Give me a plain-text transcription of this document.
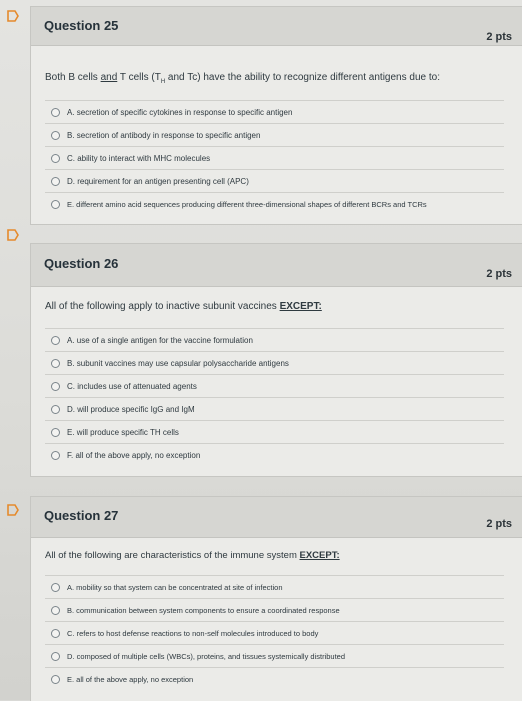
Question 25
2 pts

Both B cells and T cells ($T_H$ and Tc) have the ability to recognize different antigens due to:

A. secretion of specific cytokines in response to specific antigen
B. secretion of antibody in response to specific antigen
C. ability to interact with MHC molecules
D. requirement for an antigen presenting cell (APC)
E. different amino acid sequences producing different three-dimensional shapes of different BCRs and TCRs
Question 26
2 pts

All of the following apply to inactive subunit vaccines EXCEPT:

A. use of a single antigen for the vaccine formulation
B. subunit vaccines may use capsular polysaccharide antigens
C. includes use of attenuated agents
D. will produce specific IgG and IgM
E. will produce specific TH cells
F. all of the above apply, no exception
Question 27
2 pts

All of the following are characteristics of the immune system EXCEPT:

A. mobility so that system can be concentrated at site of infection
B. communication between system components to ensure a coordinated response
C. refers to host defense reactions to non-self molecules introduced to body
D. composed of multiple cells (WBCs), proteins, and tissues systemically distributed
E. all of the above apply, no exception
